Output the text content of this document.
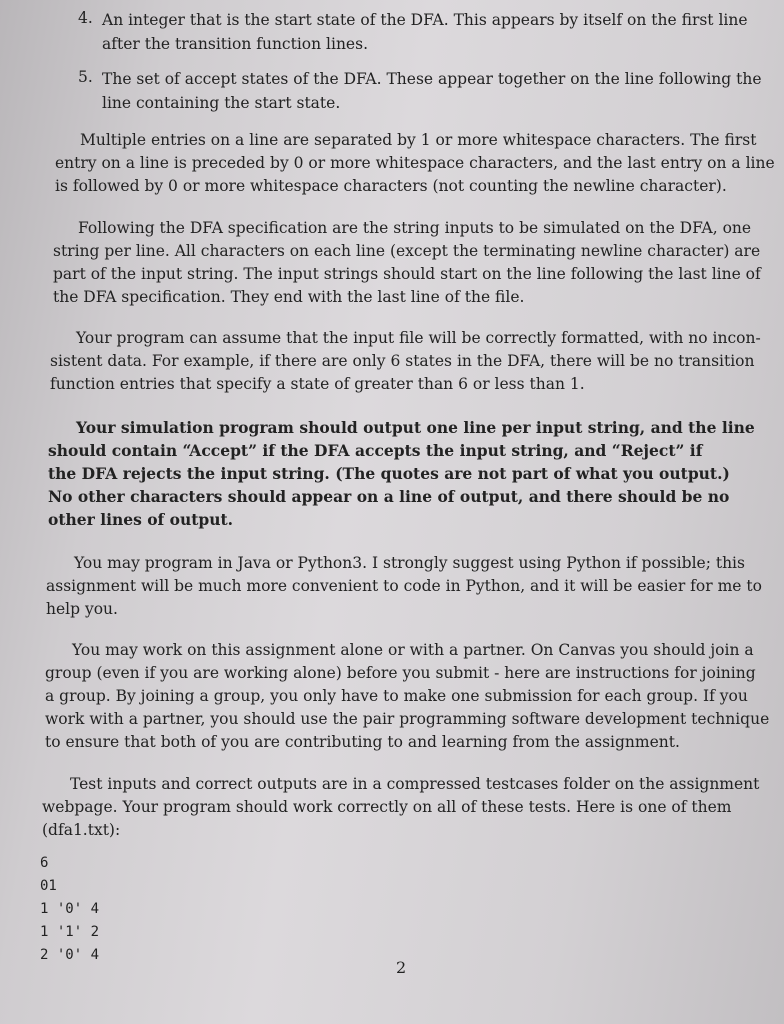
4. An integer that is the start state of the DFA. This appears by itself on the first line

after the transition function lines.

5. The set of accept states of the DFA. These appear together on the line following the

line containing the start state.

Multiple entries on a line are separated by 1 or more whitespace characters. The first

entry on a line is preceded by 0 or more whitespace characters, and the last entry on a line

is followed by 0 or more whitespace characters (not counting the newline character).

Following the DFA specification are the string inputs to be simulated on the DFA, one

string per line. All characters on each line (except the terminating newline character) are

part of the input string. The input strings should start on the line following the last line of

the DFA specification. They end with the last line of the file.

Your program can assume that the input file will be correctly formatted, with no incon-

sistent data. For example, if there are only 6 states in the DFA, there will be no transition

function entries that specify a state of greater than 6 or less than 1.

Your simulation program should output one line per input string, and the line

should contain “Accept” if the DFA accepts the input string, and “Reject” if

the DFA rejects the input string. (The quotes are not part of what you output.)

No other characters should appear on a line of output, and there should be no

other lines of output.

You may program in Java or Python3. I strongly suggest using Python if possible; this

assignment will be much more convenient to code in Python, and it will be easier for me to

help you.

You may work on this assignment alone or with a partner. On Canvas you should join a

group (even if you are working alone) before you submit - here are instructions for joining

a group. By joining a group, you only have to make one submission for each group. If you

work with a partner, you should use the pair programming software development technique

to ensure that both of you are contributing to and learning from the assignment.

Test inputs and correct outputs are in a compressed testcases folder on the assignment

webpage. Your program should work correctly on all of these tests. Here is one of them

(dfa1.txt):

6
01
1 '0' 4
1 '1' 2
2 '0' 4
2
